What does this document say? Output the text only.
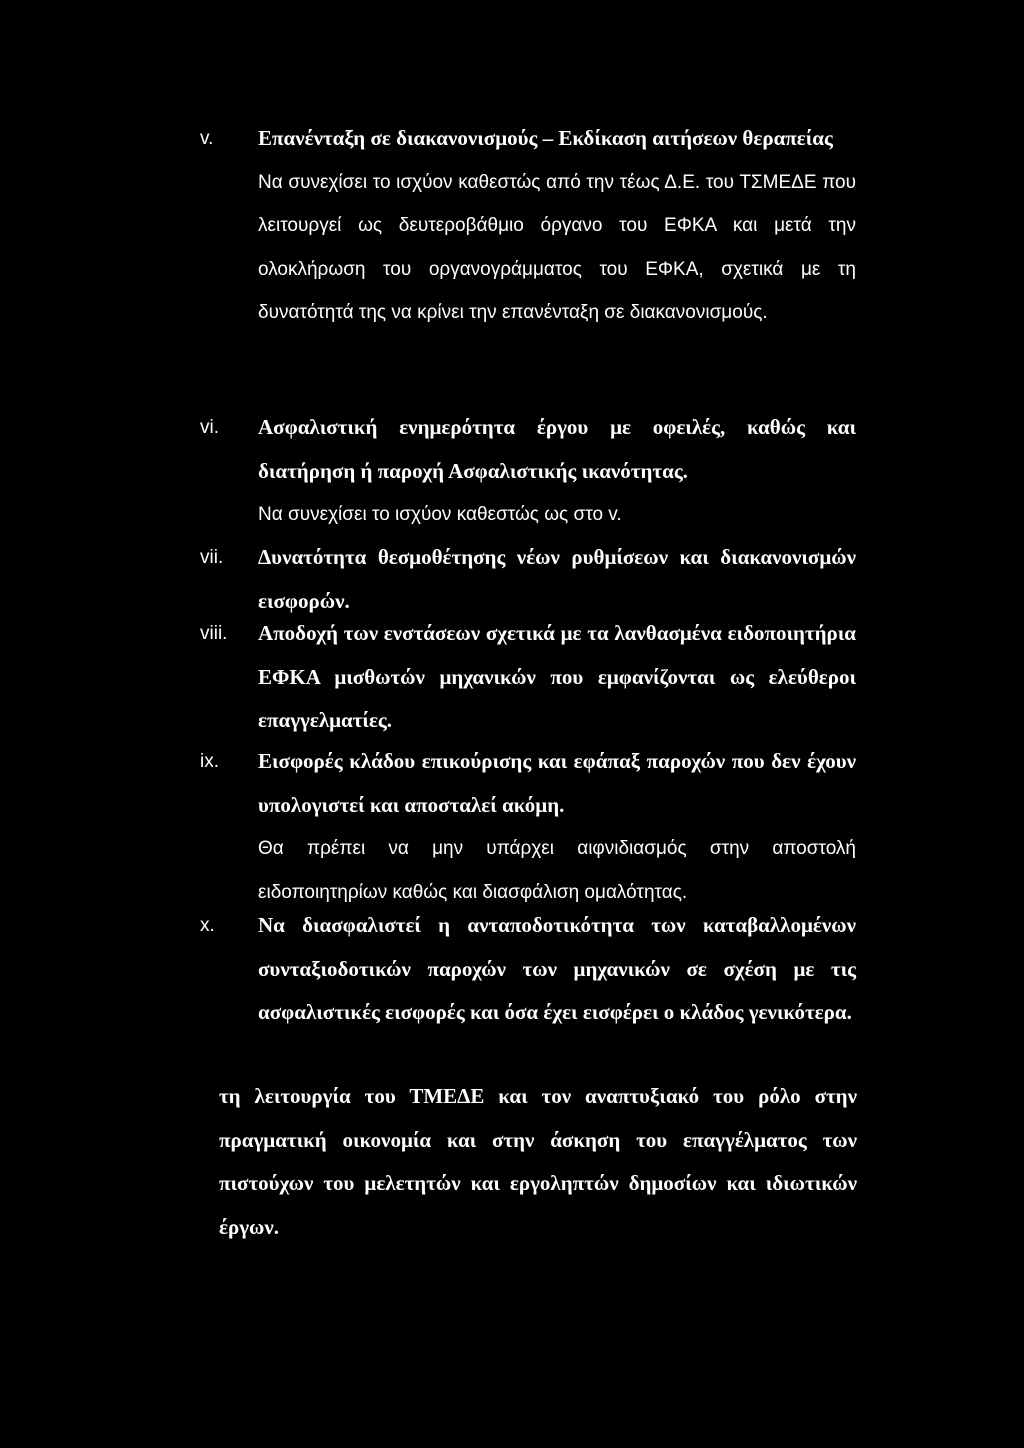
v.	Επανένταξη σε διακανονισμούς – Εκδίκαση αιτήσεων θεραπείας

Να συνεχίσει το ισχύον καθεστώς από την τέως Δ.Ε. του ΤΣΜΕΔΕ που λειτουργεί ως δευτεροβάθμιο όργανο του ΕΦΚΑ και μετά την ολοκλήρωση του οργανογράμματος του ΕΦΚΑ, σχετικά με τη δυνατότητά της να κρίνει την επανένταξη σε διακανονισμούς.

vi.	Ασφαλιστική ενημερότητα έργου με οφειλές, καθώς και διατήρηση ή παροχή Ασφαλιστικής ικανότητας.

Να συνεχίσει το ισχύον καθεστώς ως στο v.

vii.	Δυνατότητα θεσμοθέτησης νέων ρυθμίσεων και διακανονισμών εισφορών.

viii.	Αποδοχή των ενστάσεων σχετικά με τα λανθασμένα ειδοποιητήρια ΕΦΚΑ μισθωτών μηχανικών που εμφανίζονται ως ελεύθεροι επαγγελματίες.

ix.	Εισφορές κλάδου επικούρισης και εφάπαξ παροχών που δεν έχουν υπολογιστεί και αποσταλεί ακόμη.

Θα πρέπει να μην υπάρχει αιφνιδιασμός στην αποστολή ειδοποιητηρίων καθώς και διασφάλιση ομαλότητας.

x.	Να διασφαλιστεί η ανταποδοτικότητα των καταβαλλομένων συνταξιοδοτικών παροχών των μηχανικών σε σχέση με τις ασφαλιστικές εισφορές και όσα έχει εισφέρει ο κλάδος γενικότερα.

τη λειτουργία του ΤΜΕΔΕ και τον αναπτυξιακό του ρόλο στην πραγματική οικονομία και στην άσκηση του επαγγέλματος των πιστούχων του μελετητών και εργοληπτών δημοσίων και ιδιωτικών έργων.
